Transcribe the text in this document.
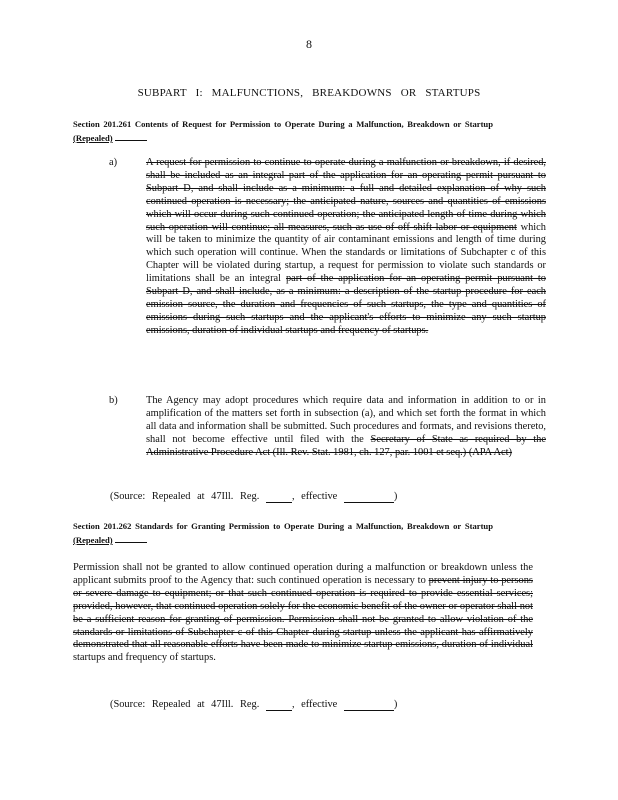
8
SUBPART I: MALFUNCTIONS, BREAKDOWNS OR STARTUPS
Section 201.261 Contents of Request for Permission to Operate During a Malfunction, Breakdown or Startup (Repealed)
a)	A request for permission to continue to operate during a malfunction or breakdown, if desired, shall be included as an integral part of the application for an operating permit pursuant to Subpart D, and shall include as a minimum: a full and detailed explanation of why such continued operation is necessary; the anticipated nature, sources and quantities of emissions which will occur during such continued operation; the anticipated length of time during which such operation will continue; all measures, such as use of off shift labor or equipment which will be taken to minimize the quantity of air contaminant emissions and length of time during which such operation will continue. When the standards or limitations of Subchapter c of this Chapter will be violated during startup, a request for permission to violate such standards or limitations shall be an integral part of the application for an operating permit pursuant to Subpart D, and shall include, as a minimum: a description of the startup procedure for each emission source, the duration and frequencies of such startups, the type and quantities of emissions during such startups and the applicant's efforts to minimize any such startup emissions, duration of individual startups and frequency of startups.
b)	The Agency may adopt procedures which require data and information in addition to or in amplification of the matters set forth in subsection (a), and which set forth the format in which all data and information shall be submitted. Such procedures and formats, and revisions thereto, shall not become effective until filed with the Secretary of State as required by the Administrative Procedure Act (Ill. Rev. Stat. 1981, ch. 127, par. 1001 et seq.) (APA Act)
(Source: Repealed at 47Ill. Reg.	, effective	)
Section 201.262 Standards for Granting Permission to Operate During a Malfunction, Breakdown or Startup (Repealed)
Permission shall not be granted to allow continued operation during a malfunction or breakdown unless the applicant submits proof to the Agency that: such continued operation is necessary to prevent injury to persons or severe damage to equipment; or that such continued operation is required to provide essential services; provided, however, that continued operation solely for the economic benefit of the owner or operator shall not be a sufficient reason for granting of permission. Permission shall not be granted to allow violation of the standards or limitations of Subchapter c of this Chapter during startup unless the applicant has affirmatively demonstrated that all reasonable efforts have been made to minimize startup emissions, duration of individual startups and frequency of startups.
(Source: Repealed at 47Ill. Reg.	, effective	)
